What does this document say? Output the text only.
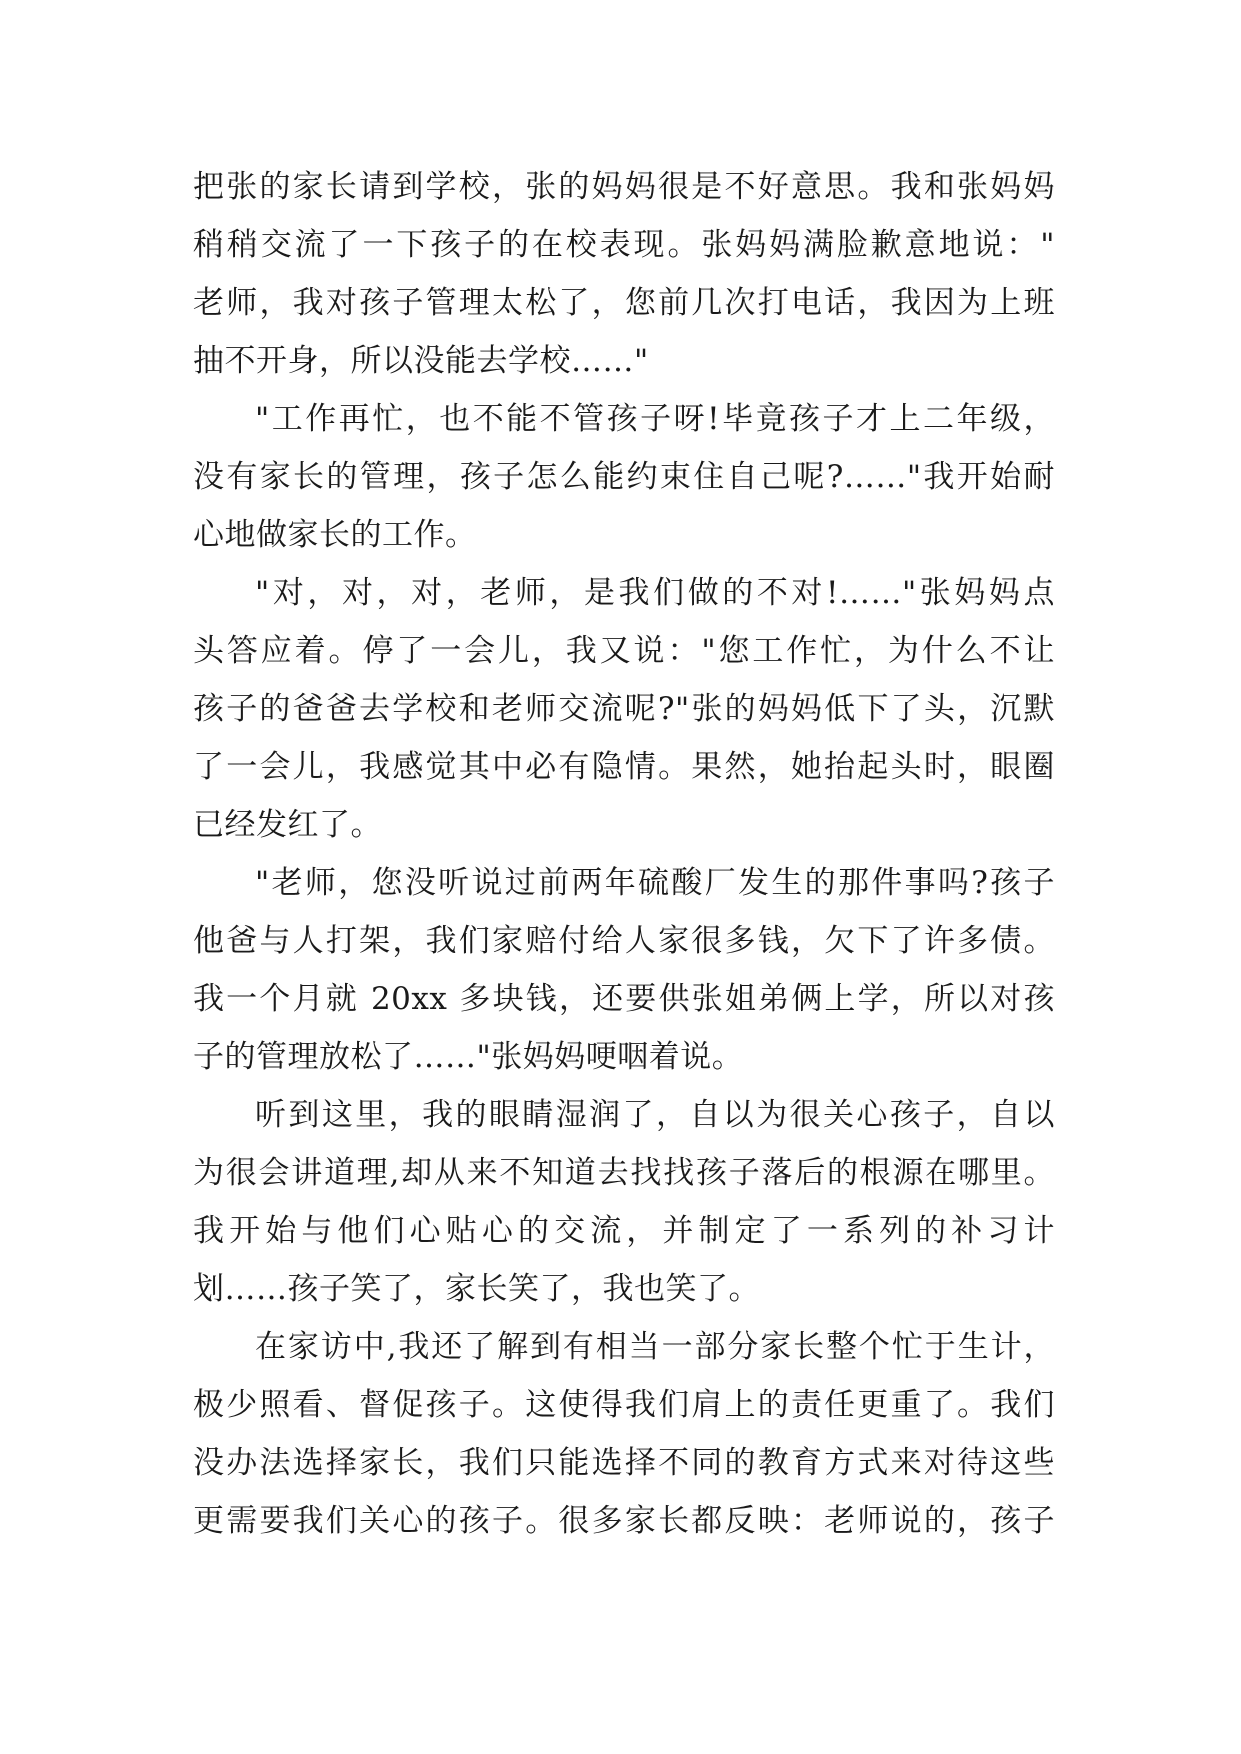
把张的家长请到学校，张的妈妈很是不好意思。我和张妈妈
稍稍交流了一下孩子的在校表现。张妈妈满脸歉意地说："
老师，我对孩子管理太松了，您前几次打电话，我因为上班
抽不开身，所以没能去学校……"
"工作再忙，也不能不管孩子呀!毕竟孩子才上二年级，
没有家长的管理，孩子怎么能约束住自己呢?……"我开始耐
心地做家长的工作。
"对，对，对，老师，是我们做的不对!……"张妈妈点
头答应着。停了一会儿，我又说："您工作忙，为什么不让
孩子的爸爸去学校和老师交流呢?"张的妈妈低下了头，沉默
了一会儿，我感觉其中必有隐情。果然，她抬起头时，眼圈
已经发红了。
"老师，您没听说过前两年硫酸厂发生的那件事吗?孩子
他爸与人打架，我们家赔付给人家很多钱，欠下了许多债。
我一个月就 20xx 多块钱，还要供张姐弟俩上学，所以对孩
子的管理放松了……"张妈妈哽咽着说。
听到这里，我的眼睛湿润了，自以为很关心孩子，自以
为很会讲道理,却从来不知道去找找孩子落后的根源在哪里。
我开始与他们心贴心的交流，并制定了一系列的补习计
划……孩子笑了，家长笑了，我也笑了。
在家访中,我还了解到有相当一部分家长整个忙于生计，
极少照看、督促孩子。这使得我们肩上的责任更重了。我们
没办法选择家长，我们只能选择不同的教育方式来对待这些
更需要我们关心的孩子。很多家长都反映：老师说的，孩子
